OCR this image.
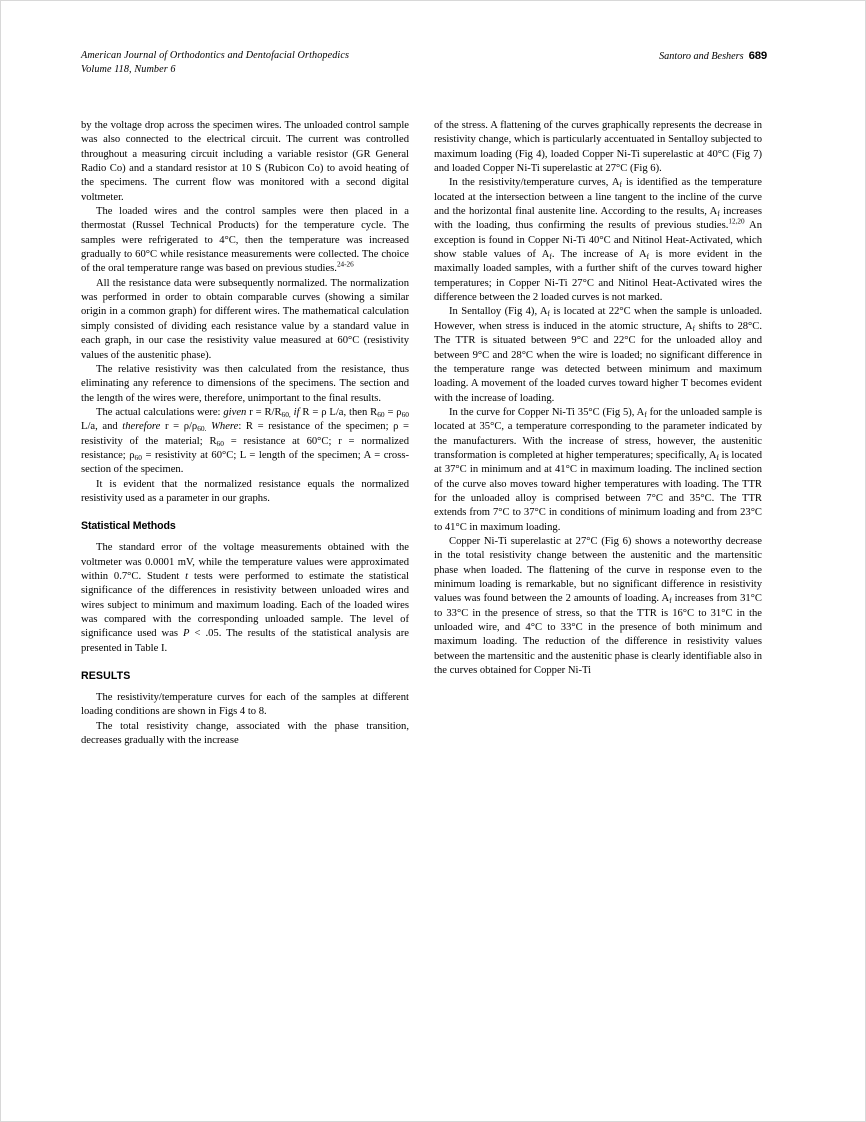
American Journal of Orthodontics and Dentofacial Orthopedics
Volume 118, Number 6
Santoro and Beshers 689

by the voltage drop across the specimen wires. The unloaded control sample was also connected to the electrical circuit. The current was controlled throughout a measuring circuit including a variable resistor (GR General Radio Co) and a standard resistor at 10 S (Rubicon Co) to avoid heating of the specimens. The current flow was monitored with a second digital voltmeter.

The loaded wires and the control samples were then placed in a thermostat (Russel Technical Products) for the temperature cycle. The samples were refrigerated to 4°C, then the temperature was increased gradually to 60°C while resistance measurements were collected. The choice of the oral temperature range was based on previous studies.$^{24-26}$

All the resistance data were subsequently normalized. The normalization was performed in order to obtain comparable curves (showing a similar origin in a common graph) for different wires. The mathematical calculation simply consisted of dividing each resistance value by a standard value in each graph, in our case the resistivity value measured at 60°C (resistivity values of the austenitic phase).

The relative resistivity was then calculated from the resistance, thus eliminating any reference to dimensions of the specimens. The section and the length of the wires were, therefore, unimportant to the final results.

The actual calculations were: given $r = R/R_{60,}$ if R = ρ L/a, then $R_{60} = \rho_{60}$ L/a, and therefore $r = \rho/\rho_{60.}$ Where: R = resistance of the specimen; ρ = resistivity of the material; $R_{60}$ = resistance at 60°C; r = normalized resistance; $\rho_{60}$ = resistivity at 60°C; L = length of the specimen; A = cross-section of the specimen.

It is evident that the normalized resistance equals the normalized resistivity used as a parameter in our graphs.

Statistical Methods

The standard error of the voltage measurements obtained with the voltmeter was 0.0001 mV, while the temperature values were approximated within 0.7°C. Student t tests were performed to estimate the statistical significance of the differences in resistivity between unloaded wires and wires subject to minimum and maximum loading. Each of the loaded wires was compared with the corresponding unloaded sample. The level of significance used was P < .05. The results of the statistical analysis are presented in Table I.

RESULTS

The resistivity/temperature curves for each of the samples at different loading conditions are shown in Figs 4 to 8.

The total resistivity change, associated with the phase transition, decreases gradually with the increase

of the stress. A flattening of the curves graphically represents the decrease in resistivity change, which is particularly accentuated in Sentalloy subjected to maximum loading (Fig 4), loaded Copper Ni-Ti superelastic at 40°C (Fig 7) and loaded Copper Ni-Ti superelastic at 27°C (Fig 6).

In the resistivity/temperature curves, $A_f$ is identified as the temperature located at the intersection between a line tangent to the incline of the curve and the horizontal final austenite line. According to the results, $A_f$ increases with the loading, thus confirming the results of previous studies.$^{12,20}$ An exception is found in Copper Ni-Ti 40°C and Nitinol Heat-Activated, which show stable values of $A_f$. The increase of $A_f$ is more evident in the maximally loaded samples, with a further shift of the curves toward higher temperatures; in Copper Ni-Ti 27°C and Nitinol Heat-Activated wires the difference between the 2 loaded curves is not marked.

In Sentalloy (Fig 4), $A_f$ is located at 22°C when the sample is unloaded. However, when stress is induced in the atomic structure, $A_f$ shifts to 28°C. The TTR is situated between 9°C and 22°C for the unloaded alloy and between 9°C and 28°C when the wire is loaded; no significant difference in the temperature range was detected between minimum and maximum loading. A movement of the loaded curves toward higher T becomes evident with the increase of loading.

In the curve for Copper Ni-Ti 35°C (Fig 5), $A_f$ for the unloaded sample is located at 35°C, a temperature corresponding to the parameter indicated by the manufacturers. With the increase of stress, however, the austenitic transformation is completed at higher temperatures; specifically, $A_f$ is located at 37°C in minimum and at 41°C in maximum loading. The inclined section of the curve also moves toward higher temperatures with loading. The TTR for the unloaded alloy is comprised between 7°C and 35°C. The TTR extends from 7°C to 37°C in conditions of minimum loading and from 23°C to 41°C in maximum loading.

Copper Ni-Ti superelastic at 27°C (Fig 6) shows a noteworthy decrease in the total resistivity change between the austenitic and the martensitic phase when loaded. The flattening of the curve in response even to the minimum loading is remarkable, but no significant difference in resistivity values was found between the 2 amounts of loading. $A_f$ increases from 31°C to 33°C in the presence of stress, so that the TTR is 16°C to 31°C in the unloaded wire, and 4°C to 33°C in the presence of both minimum and maximum loading. The reduction of the difference in resistivity values between the martensitic and the austenitic phase is clearly identifiable also in the curves obtained for Copper Ni-Ti
